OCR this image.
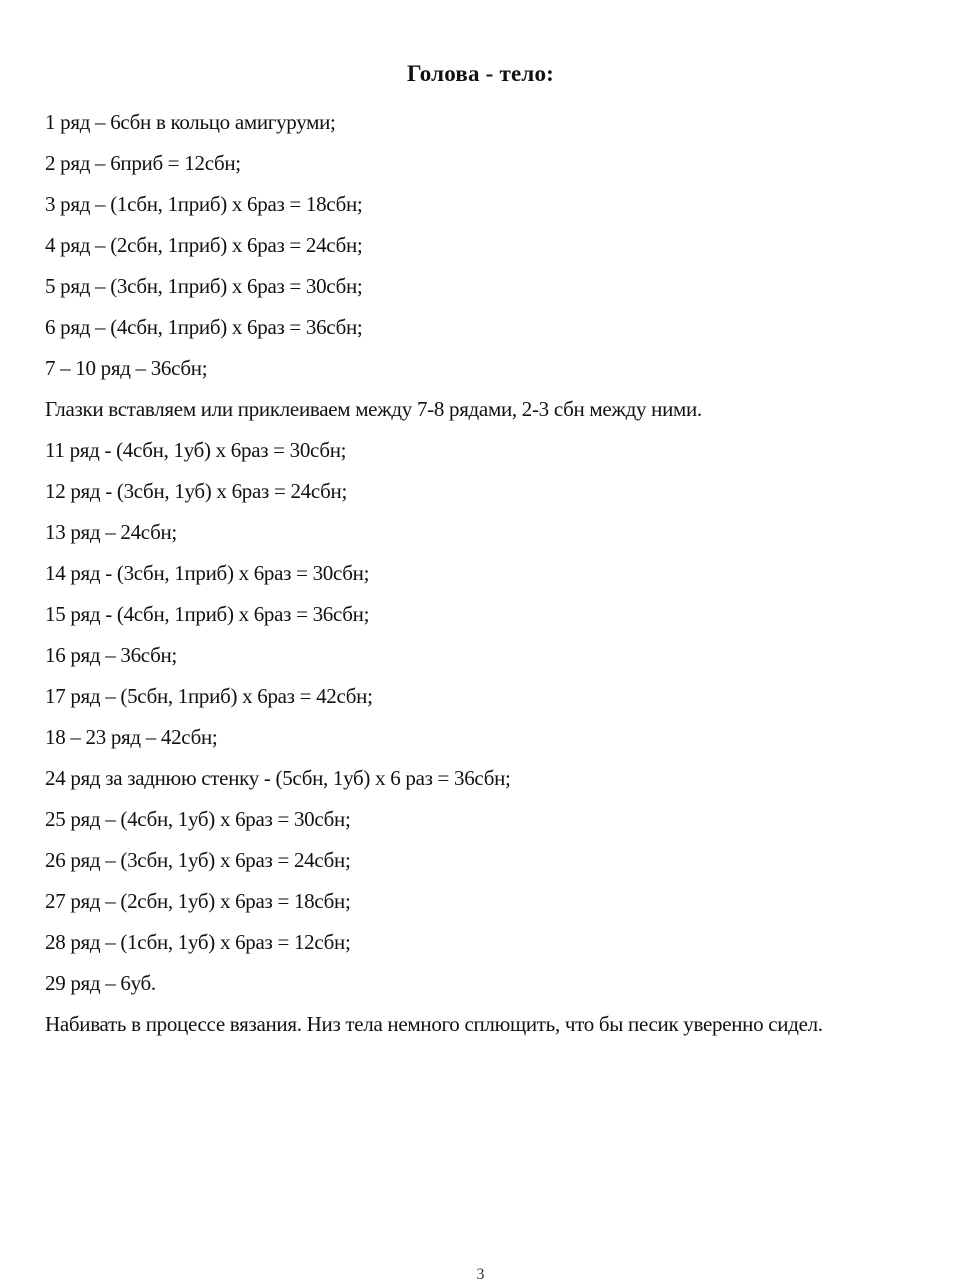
Голова - тело:
1 ряд – 6сбн в кольцо амигуруми;
2 ряд – 6приб = 12сбн;
3 ряд – (1сбн, 1приб) х 6раз = 18сбн;
4 ряд – (2сбн, 1приб) х 6раз = 24сбн;
5 ряд – (3сбн, 1приб) х 6раз = 30сбн;
6 ряд – (4сбн, 1приб) х 6раз = 36сбн;
7 – 10 ряд – 36сбн;
Глазки вставляем или приклеиваем между 7-8 рядами, 2-3 сбн между ними.
11 ряд - (4сбн, 1уб) х 6раз = 30сбн;
12 ряд - (3сбн, 1уб) х 6раз = 24сбн;
13 ряд – 24сбн;
14 ряд - (3сбн, 1приб) х 6раз = 30сбн;
15 ряд - (4сбн, 1приб) х 6раз = 36сбн;
16 ряд – 36сбн;
17 ряд – (5сбн, 1приб) х 6раз = 42сбн;
18 – 23 ряд – 42сбн;
24 ряд за заднюю стенку - (5сбн, 1уб) х 6 раз = 36сбн;
25 ряд – (4сбн, 1уб) х 6раз = 30сбн;
26 ряд – (3сбн, 1уб) х 6раз = 24сбн;
27 ряд – (2сбн, 1уб) х 6раз = 18сбн;
28 ряд – (1сбн, 1уб) х 6раз = 12сбн;
29 ряд – 6уб.
Набивать в процессе вязания. Низ тела немного сплющить, что бы песик уверенно сидел.
3
